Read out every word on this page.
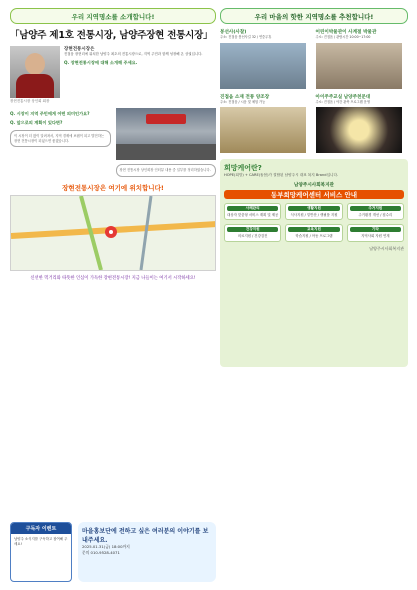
우리 지역명소를 소개합니다!
「남양주 제1호 전통시장, 남양주장현 전통시장」
장현전통시장 상인회 회장
장현전통시장은
진접읍 장현리에 위치한 남양주 최초의 전통시장으로, 지역 주민과 함께 성장해 온 상권입니다.
Q. 장현전통시장에 대해 소개해 주세요.
Q. 시장이 지역 주민에게 어떤 의미인가요?
Q. 앞으로의 계획이 있다면?
이 시장이 더 많이 알려져서, 지역 경제에 보탬이 되고 발전하는 장현 전통시장이 되었으면 좋겠습니다.
장현 전통시장 상인회장 인터뷰 내용 중 일부를 정리하였습니다.
장현전통시장은 여기에 위치합니다!
신선한 먹거리와 따뜻한 인심이 가득한 장현전통시장! 지금 나들이는 여기서 시작하세요!
구독자 이벤트
남양주 소식지를 구독하고 참여해 주세요!
마을홍보단에 전하고 싶은 여러분의 이야기를 보내주세요.
2025.01.31(금) 18:00까지
문의 010-9528-4071
우리 마을의 핫한 지역명소를 추천합니다!
봉선사(사찰)
주소: 진접읍 봉선사길 32 / 연중무휴
어린이박물관이 사계절 박물관
주소: 진접읍 / 관람시간 10:00~17:00
진접읍 소재 전통 양조장
주소: 진접읍 / 시음 및 체험 가능
아이주주교실 남양주천문대
주소: 진접읍 / 야간 관측 프로그램 운영
희망케어란?
HOPE(희망) + CARE(돌봄)가 결합된 남양주시 대표 복지 Brand입니다.
남양주시사회복지관
동부희망케어센터 서비스 안내
사례관리
대상자 맞춤형 서비스 계획 및 제공
생활지원
식사지원 / 밑반찬 / 생필품 지원
주거지원
주거환경 개선 / 집수리
건강지원
의료지원 / 건강검진
교육지원
학습지원 / 아동 프로그램
기타
지역사회 자원 연계
남양주시사회복지관
